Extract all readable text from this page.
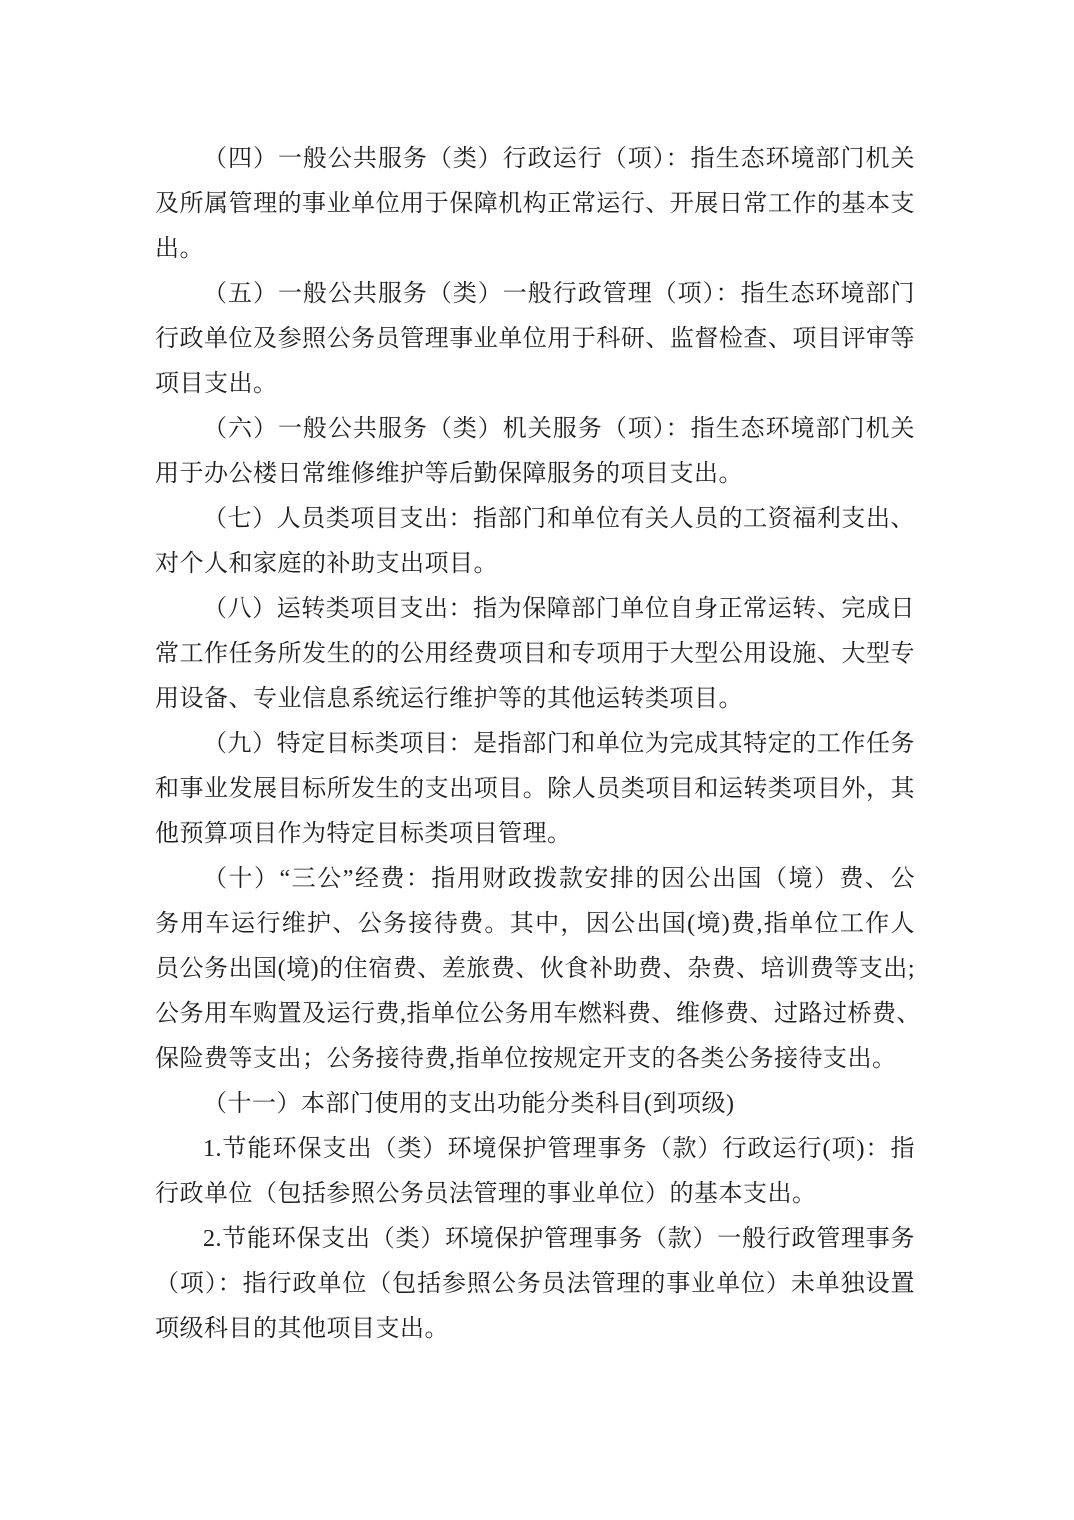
（四）一般公共服务（类）行政运行（项）：指生态环境部门机关
及所属管理的事业单位用于保障机构正常运行、开展日常工作的基本支
出。
（五）一般公共服务（类）一般行政管理（项）：指生态环境部门
行政单位及参照公务员管理事业单位用于科研、监督检查、项目评审等
项目支出。
（六）一般公共服务（类）机关服务（项）：指生态环境部门机关
用于办公楼日常维修维护等后勤保障服务的项目支出。
（七）人员类项目支出：指部门和单位有关人员的工资福利支出、
对个人和家庭的补助支出项目。
（八）运转类项目支出：指为保障部门单位自身正常运转、完成日
常工作任务所发生的的公用经费项目和专项用于大型公用设施、大型专
用设备、专业信息系统运行维护等的其他运转类项目。
（九）特定目标类项目：是指部门和单位为完成其特定的工作任务
和事业发展目标所发生的支出项目。除人员类项目和运转类项目外，其
他预算项目作为特定目标类项目管理。
（十）“三公”经费：指用财政拨款安排的因公出国（境）费、公
务用车运行维护、公务接待费。其中，因公出国(境)费,指单位工作人
员公务出国(境)的住宿费、差旅费、伙食补助费、杂费、培训费等支出;
公务用车购置及运行费,指单位公务用车燃料费、维修费、过路过桥费、
保险费等支出；公务接待费,指单位按规定开支的各类公务接待支出。
（十一）本部门使用的支出功能分类科目(到项级)
1.节能环保支出（类）环境保护管理事务（款）行政运行(项)：指
行政单位（包括参照公务员法管理的事业单位）的基本支出。
2.节能环保支出（类）环境保护管理事务（款）一般行政管理事务
（项）：指行政单位（包括参照公务员法管理的事业单位）未单独设置
项级科目的其他项目支出。
